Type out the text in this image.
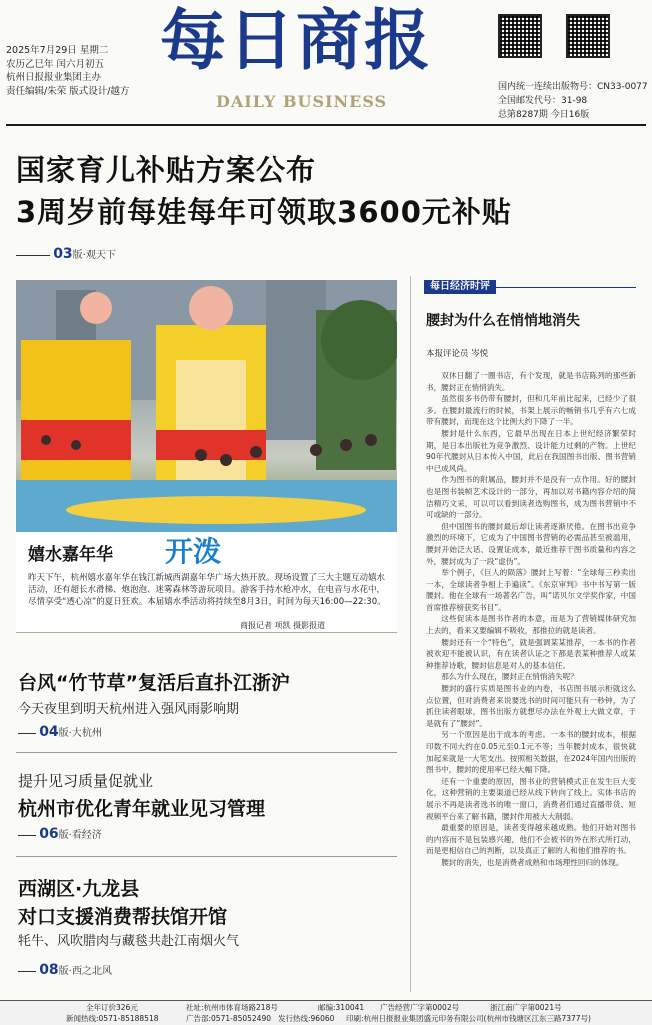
2025年7月29日 星期二
农历乙巳年 闰六月初五
杭州日报报业集团主办
责任编辑/朱荣 版式设计/越方
每日商报
DAILY BUSINESS
国内统一连续出版物号：CN33-0077
全国邮发代号：31-98
总第8287期 今日16版
国家育儿补贴方案公布
3周岁前每娃每年可领取3600元补贴
03版·观天下
嬉水嘉年华 开泼
昨天下午，杭州嬉水嘉年华在钱江新城西湖嘉年华广场大热开放。现场设置了三大主题互动嬉水活动，还有超长水滑梯、炮泡泡、迷雾森林等游玩项目。游客手持水枪冲水，在电音与水花中，尽情享受“透心凉”的夏日狂欢。本届嬉水季活动将持续至8月3日，时间为每天16:00—22:30。
商报记者 项凯 摄影报道
台风“竹节草”复活后直扑江浙沪
今天夜里到明天杭州进入强风雨影响期
04版·大杭州
提升见习质量促就业
杭州市优化青年就业见习管理
06版·看经济
西湖区·九龙县
对口支援消费帮扶馆开馆
牦牛、风吹腊肉与藏毯共赴江南烟火气
08版·西之北风
每日经济时评
腰封为什么在悄悄地消失
本报评论员 岑悦

双休日翻了一圈书店，有个发现，就是书店陈列的那些新书，腰封正在悄悄消失。

虽然很多书仍带有腰封，但和几年前比起来，已经少了很多。在腰封最流行的时候，书架上展示的畅销书几乎有六七成带有腰封，而现在这个比例大约下降了一半。

腰封是什么东西，它最早出现在日本上世纪经济繁荣时期，是日本出版社为竞争激烈、设计能力过剩的产物。上世纪90年代腰封从日本传入中国，此后在我国图书出版、图书营销中已成风尚。

作为图书的附属品，腰封并不是没有一点作用。好的腰封也是图书装帧艺术设计的一部分，再加以对书籍内容介绍的简洁精巧文采，可以可以看到读者选购图书，成为图书营销中不可或缺的一部分。

但中国图书的腰封最后却让读者逐渐厌倦。在图书出竞争激烈的环境下，它成为了中国图书营销的必需品甚至被滥用，腰封开始泛大话、设置证成本，最近推荐干图书质量和内容之外，腰封成为了一段“虚伪”。

举个例子，《巨人的陨落》腰封上写着：“全球每三秒卖出一本，全球读者争相上手遍读”。《东京审判》书中书写第一版腰封。他在全球有一场著名广告，叫“诺贝尔文学奖作家，中国首席推荐榜获奖书目”。

这些促读本是图书作者的本意，而是为了营销媒体研究加上去的，看来又要编辑不吸收，那推拉的就是读者。

腰封还有一个“特色”，就是强调某某推荐，一本书的作者被欢迎不能被认识，有在读者认证之下都是表某种推荐人或某种推荐诗歌，腰封信息是对人的基本信任。

那么为什么现在，腰封正在悄悄消失呢？

腰封的盛行实质是图书业的内卷，书店图书展示柜就这么点位置，但对消费者来说要选书的时间可能只有一秒钟，为了抓住读者眼球，图书出版方就想尽办法在外观上大做文章，于是就有了“腰封”。

另一个原因是出于成本的考虑。一本书的腰封成本，根据印数不同大约在0.05元至0.1元不等；当年腰封成本，很快就加起来就是一大笔支出。按照相关数据，在2024年国内出版的图书中，腰封的使用率已经大幅下降。

还有一个重要的原因，图书业的营销模式正在发生巨大变化，这种营销的主要渠道已经从线下转向了线上。实体书店的展示不再是读者选书的唯一窗口，消费者们通过直播带货、短视频平台来了解书籍，腰封作用被大大削弱。

最重要的原因是，读者变得越来越成熟。他们开始对图书的内容而不是包装感兴趣，他们不会被书的外在形式所打动，而是更相信自己的判断，以及真正了解的人和他们推荐的书。

腰封的消失，也是消费者成熟和市场理性回归的体现。

全年订价326元	社址:杭州市体育场路218号	邮编:310041 广告经营广字第0002号	浙江南广字第0021号
新闻热线:0571-85188518	广告部:0571-85052490 发行热线:96060 印刷:杭州日报报业集团盛元印务有限公司(杭州市钱塘区江东三路7377号)
